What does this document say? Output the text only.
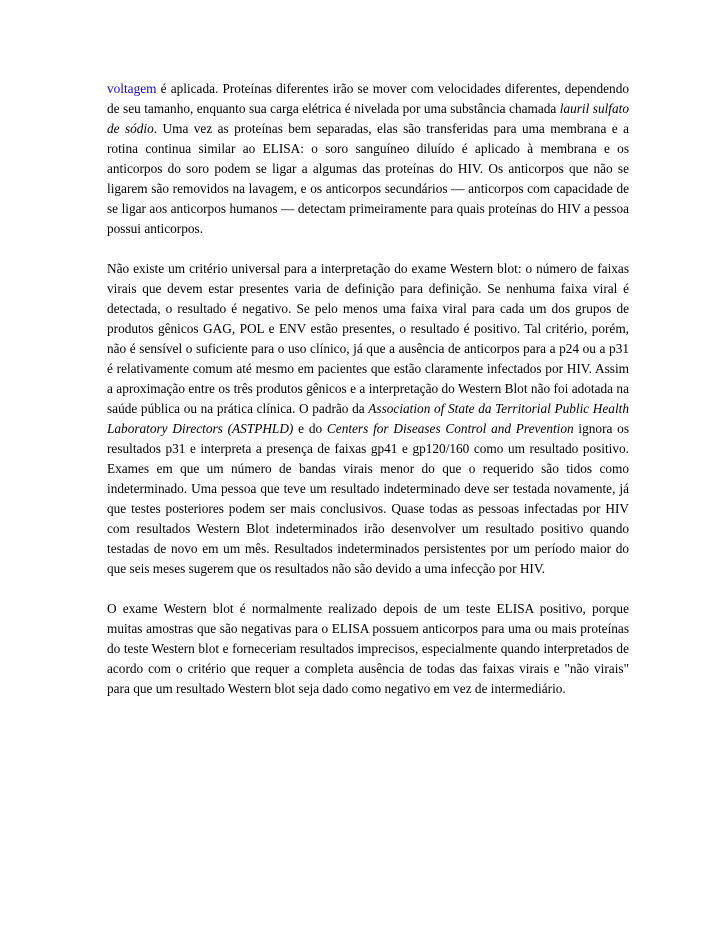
voltagem é aplicada. Proteínas diferentes irão se mover com velocidades diferentes, dependendo de seu tamanho, enquanto sua carga elétrica é nivelada por uma substância chamada lauril sulfato de sódio. Uma vez as proteínas bem separadas, elas são transferidas para uma membrana e a rotina continua similar ao ELISA: o soro sanguíneo diluído é aplicado à membrana e os anticorpos do soro podem se ligar a algumas das proteínas do HIV. Os anticorpos que não se ligarem são removidos na lavagem, e os anticorpos secundários — anticorpos com capacidade de se ligar aos anticorpos humanos — detectam primeiramente para quais proteínas do HIV a pessoa possui anticorpos.

Não existe um critério universal para a interpretação do exame Western blot: o número de faixas virais que devem estar presentes varia de definição para definição. Se nenhuma faixa viral é detectada, o resultado é negativo. Se pelo menos uma faixa viral para cada um dos grupos de produtos gênicos GAG, POL e ENV estão presentes, o resultado é positivo. Tal critério, porém, não é sensível o suficiente para o uso clínico, já que a ausência de anticorpos para a p24 ou a p31 é relativamente comum até mesmo em pacientes que estão claramente infectados por HIV. Assim a aproximação entre os três produtos gênicos e a interpretação do Western Blot não foi adotada na saúde pública ou na prática clínica. O padrão da Association of State da Territorial Public Health Laboratory Directors (ASTPHLD) e do Centers for Diseases Control and Prevention ignora os resultados p31 e interpreta a presença de faixas gp41 e gp120/160 como um resultado positivo. Exames em que um número de bandas virais menor do que o requerido são tidos como indeterminado. Uma pessoa que teve um resultado indeterminado deve ser testada novamente, já que testes posteriores podem ser mais conclusivos. Quase todas as pessoas infectadas por HIV com resultados Western Blot indeterminados irão desenvolver um resultado positivo quando testadas de novo em um mês. Resultados indeterminados persistentes por um período maior do que seis meses sugerem que os resultados não são devido a uma infecção por HIV.

O exame Western blot é normalmente realizado depois de um teste ELISA positivo, porque muitas amostras que são negativas para o ELISA possuem anticorpos para uma ou mais proteínas do teste Western blot e forneceriam resultados imprecisos, especialmente quando interpretados de acordo com o critério que requer a completa ausência de todas das faixas virais e "não virais" para que um resultado Western blot seja dado como negativo em vez de intermediário.
